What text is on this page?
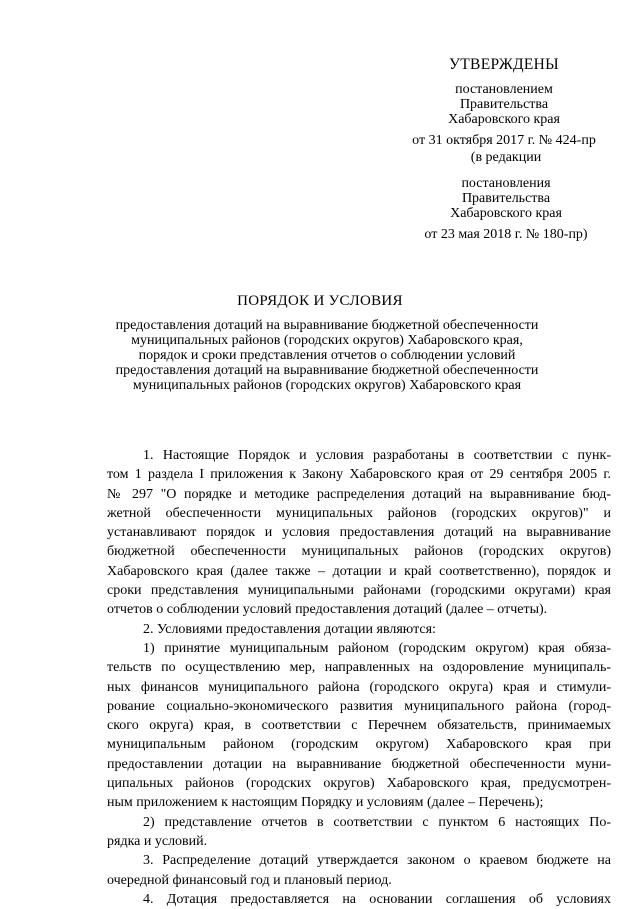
УТВЕРЖДЕНЫ
постановлением
Правительства
Хабаровского края
от 31 октября 2017 г. № 424-пр
(в редакции
постановления
Правительства
Хабаровского края
от 23 мая 2018 г. № 180-пр)
ПОРЯДОК И УСЛОВИЯ
предоставления дотаций на выравнивание бюджетной обеспеченности
муниципальных районов (городских округов) Хабаровского края,
порядок и сроки представления отчетов о соблюдении условий
предоставления дотаций на выравнивание бюджетной обеспеченности
муниципальных районов (городских округов) Хабаровского края
1. Настоящие Порядок и условия разработаны в соответствии с пунк-
том 1 раздела I приложения к Закону Хабаровского края от 29 сентября 2005 г.
№ 297 "О порядке и методике распределения дотаций на выравнивание бюд-
жетной обеспеченности муниципальных районов (городских округов)" и
устанавливают порядок и условия предоставления дотаций на выравнивание
бюджетной обеспеченности муниципальных районов (городских округов)
Хабаровского края (далее также – дотации и край соответственно), порядок и
сроки представления муниципальными районами (городскими округами) края
отчетов о соблюдении условий предоставления дотаций (далее – отчеты).
2. Условиями предоставления дотации являются:
1) принятие муниципальным районом (городским округом) края обяза-
тельств по осуществлению мер, направленных на оздоровление муниципаль-
ных финансов муниципального района (городского округа) края и стимули-
рование социально-экономического развития муниципального района (город-
ского округа) края, в соответствии с Перечнем обязательств, принимаемых
муниципальным районом (городским округом) Хабаровского края при
предоставлении дотации на выравнивание бюджетной обеспеченности муни-
ципальных районов (городских округов) Хабаровского края, предусмотрен-
ным приложением к настоящим Порядку и условиям (далее – Перечень);
2) представление отчетов в соответствии с пунктом 6 настоящих По-
рядка и условий.
3. Распределение дотаций утверждается законом о краевом бюджете на
очередной финансовый год и плановый период.
4. Дотация предоставляется на основании соглашения об условиях
